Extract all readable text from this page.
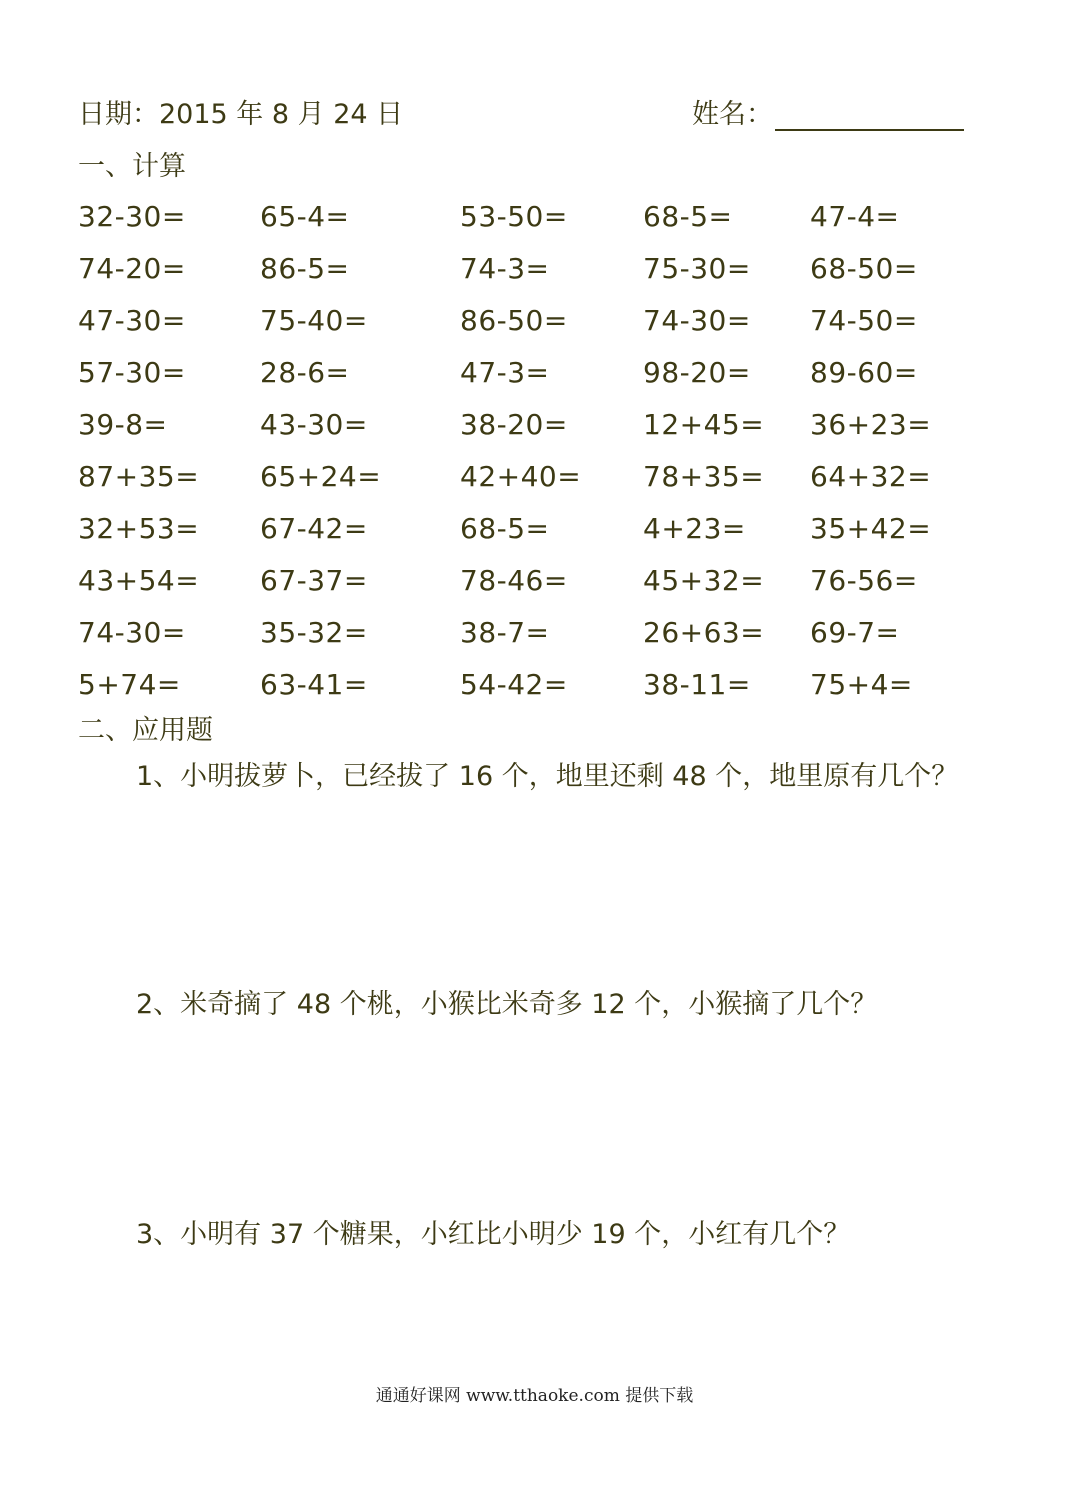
日期：2015 年 8 月 24 日	姓名：
一、计算
32-30=	65-4=	53-50=	68-5=	47-4=
74-20=	86-5=	74-3=	75-30= 68-50=
47-30=	75-40=	86-50=	74-30= 74-50=
57-30=	28-6=	47-3=	98-20= 89-60=
39-8=	43-30=	38-20=	12+45= 36+23=
87+35= 65+24=	42+40= 78+35= 64+32=
32+53= 67-42=	68-5=	4+23= 35+42=
43+54= 67-37=	78-46=	45+32= 76-56=
74-30=	35-32=	38-7=	26+63= 69-7=
5+74=	63-41=	54-42=	38-11= 75+4=
二、应用题
1、小明拔萝卜，已经拔了 16 个，地里还剩 48 个，地里原有几个？
2、米奇摘了 48 个桃，小猴比米奇多 12 个，小猴摘了几个？
3、小明有 37 个糖果，小红比小明少 19 个，小红有几个？
通通好课网 www.tthaoke.com 提供下载
